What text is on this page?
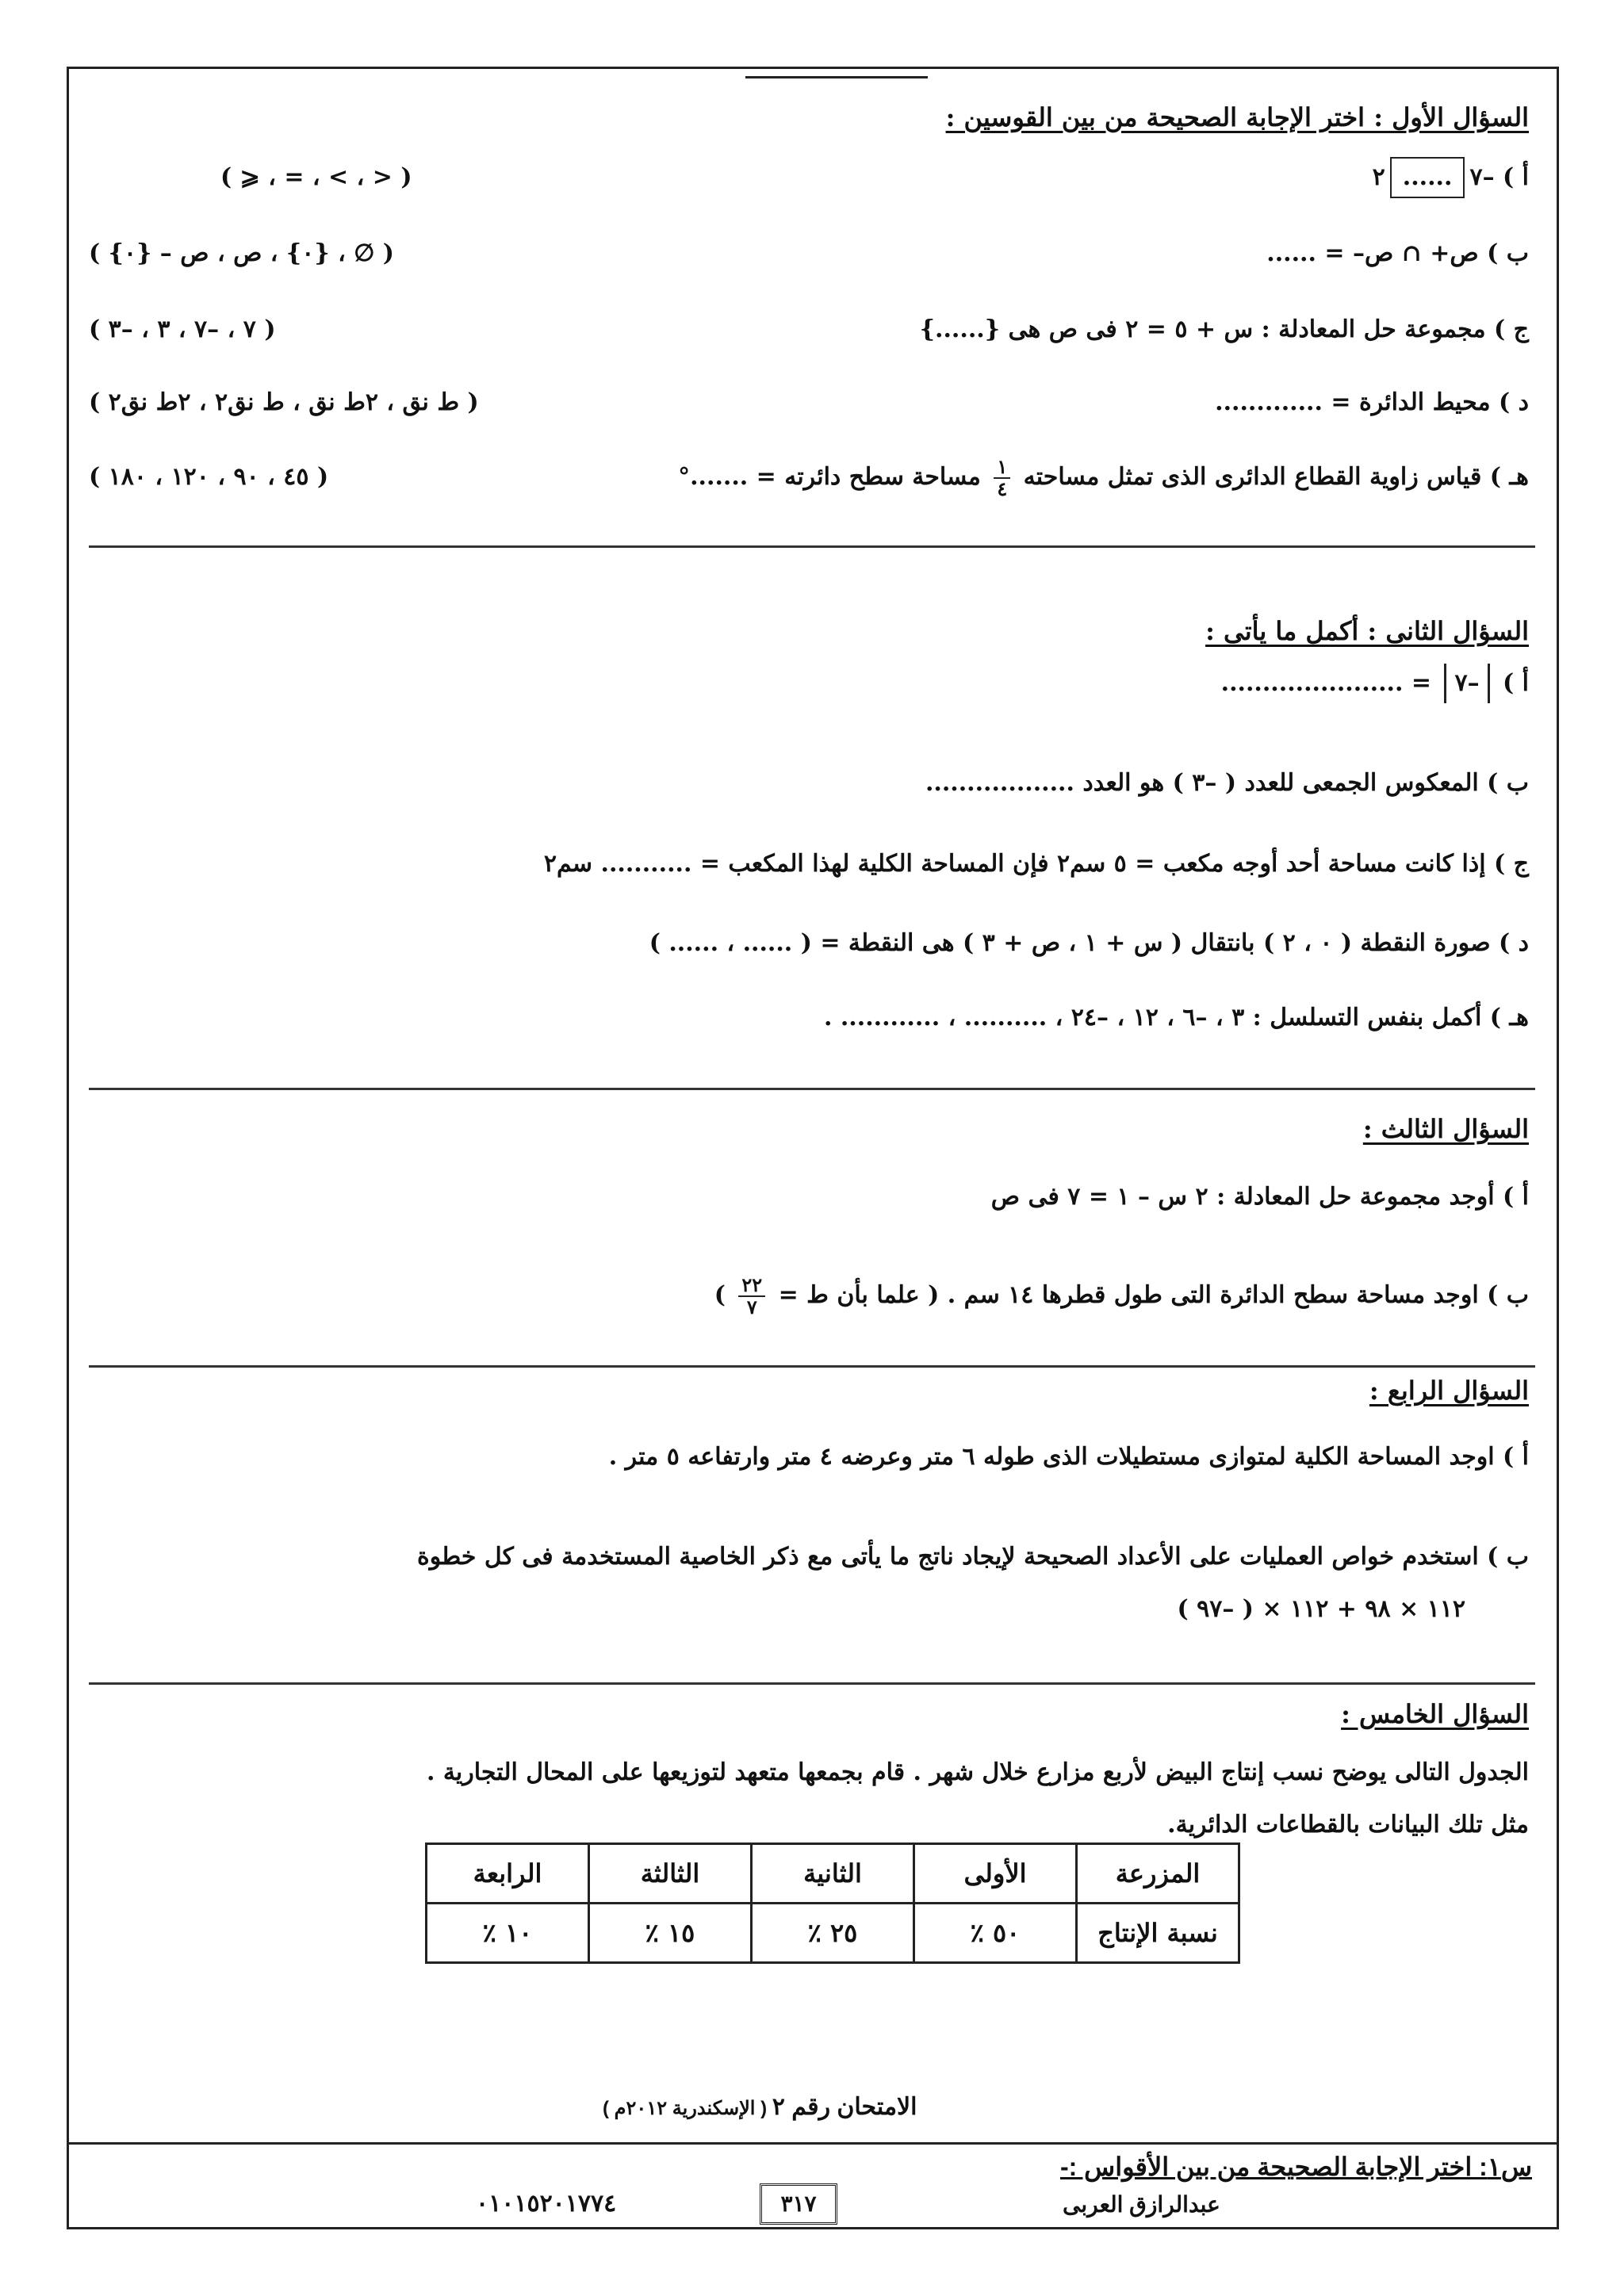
السؤال الأول : اختر الإجابة الصحيحة من بين القوسين :
أ ) –٧......٢
( < ، > ، = ، ⩽ )
ب ) ص+ ∩ ص– = ......
( ∅ ، {٠} ، ص ، ص – {٠} )
ج ) مجموعة حل المعادلة : س + ٥ = ٢ فى ص هى {......}
( ٧ ، –٧ ، ٣ ، –٣ )
د ) محيط الدائرة = .............
( ط نق ، ٢ط نق ، ط نق٢ ، ٢ط نق٢ )
هـ ) قياس زاوية القطاع الدائرى الذى تمثل مساحته
$\frac{١}{٤}$
مساحة سطح دائرته = .......°
( ٤٥ ، ٩٠ ، ١٢٠ ، ١٨٠ )
السؤال الثانى : أكمل ما يأتى :
أ ) –٧ = ......................
ب ) المعكوس الجمعى للعدد ( –٣ ) هو العدد ..................
ج ) إذا كانت مساحة أحد أوجه مكعب = ٥ سم٢ فإن المساحة الكلية لهذا المكعب = ........... سم٢
د ) صورة النقطة ( ٠ ، ٢ ) بانتقال ( س + ١ ، ص + ٣ ) هى النقطة = ( ...... ، ...... )
هـ ) أكمل بنفس التسلسل : ٣ ، –٦ ، ١٢ ، –٢٤ ، .......... ، ............ .
السؤال الثالث :
أ ) أوجد مجموعة حل المعادلة : ٢ س – ١ = ٧ فى ص
ب ) اوجد مساحة سطح الدائرة التى طول قطرها ١٤ سم . ( علما بأن ط =
$\frac{٢٢}{٧}$
)
السؤال الرابع :
أ ) اوجد المساحة الكلية لمتوازى مستطيلات الذى طوله ٦ متر وعرضه ٤ متر وارتفاعه ٥ متر .
ب ) استخدم خواص العمليات على الأعداد الصحيحة لإيجاد ناتج ما يأتى مع ذكر الخاصية المستخدمة فى كل خطوة
١١٢ × ٩٨ + ١١٢ × ( –٩٧ )
السؤال الخامس :
الجدول التالى يوضح نسب إنتاج البيض لأربع مزارع خلال شهر . قام بجمعها متعهد لتوزيعها على المحال التجارية .
مثل تلك البيانات بالقطاعات الدائرية.
المزرعة	الأولى	الثانية	الثالثة	الرابعة
نسبة الإنتاج	٥٠ ٪	٢٥ ٪	١٥ ٪	١٠ ٪
الامتحان رقم ٢ ( الإسكندرية ٢٠١٢م )
س١: اختر الإجابة الصحيحة من بين الأقواس :-
عبدالرازق العربى
٣١٧
٠١٠١٥٢٠١٧٧٤
